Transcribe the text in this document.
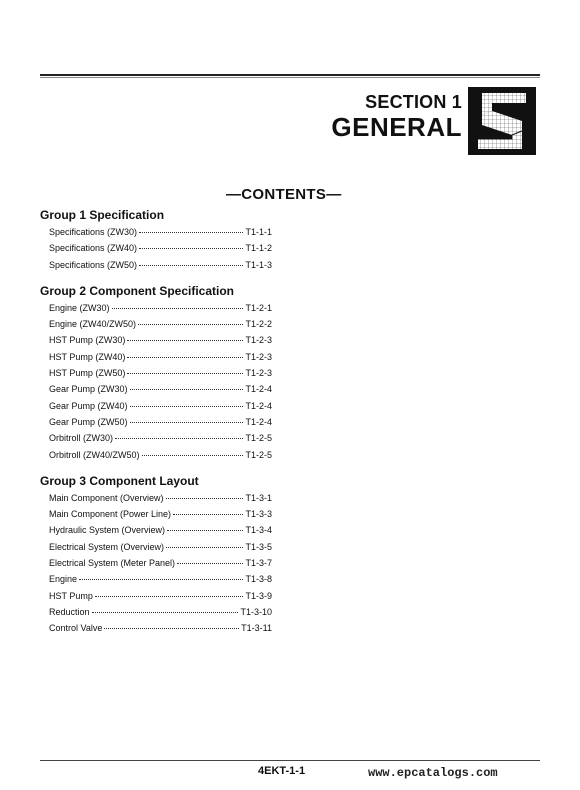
SECTION 1
GENERAL
—CONTENTS—
Group 1 Specification
Specifications (ZW30)	T1-1-1
Specifications (ZW40)	T1-1-2
Specifications (ZW50)	T1-1-3
Group 2 Component Specification
Engine (ZW30)	T1-2-1
Engine (ZW40/ZW50)	T1-2-2
HST Pump (ZW30)	T1-2-3
HST Pump (ZW40)	T1-2-3
HST Pump (ZW50)	T1-2-3
Gear Pump (ZW30)	T1-2-4
Gear Pump (ZW40)	T1-2-4
Gear Pump (ZW50)	T1-2-4
Orbitroll (ZW30)	T1-2-5
Orbitroll (ZW40/ZW50)	T1-2-5
Group 3 Component Layout
Main Component (Overview)	T1-3-1
Main Component (Power Line)	T1-3-3
Hydraulic System (Overview)	T1-3-4
Electrical System (Overview)	T1-3-5
Electrical System (Meter Panel)	T1-3-7
Engine	T1-3-8
HST Pump	T1-3-9
Reduction	T1-3-10
Control Valve	T1-3-11
4EKT-1-1	www.epcatalogs.com
